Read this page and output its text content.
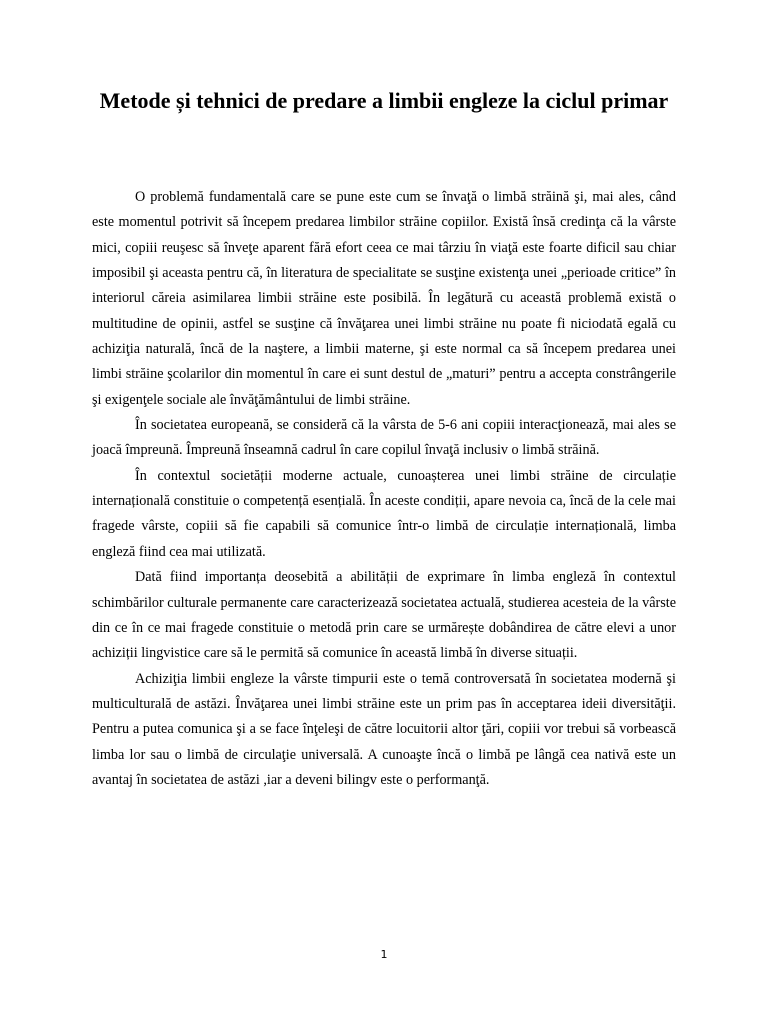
Metode și tehnici de predare a limbii engleze la ciclul primar

O problemă fundamentală care se pune este cum se învaţă o limbă străină şi, mai ales, când este momentul potrivit să începem predarea limbilor străine copiilor. Există însă credinţa că la vârste mici, copiii reuşesc să înveţe aparent fără efort ceea ce mai târziu în viaţă este foarte dificil sau chiar imposibil şi aceasta pentru că, în literatura de specialitate se susţine existenţa unei „perioade critice” în interiorul căreia asimilarea limbii străine este posibilă. În legătură cu această problemă există o multitudine de opinii, astfel se susţine că învăţarea unei limbi străine nu poate fi niciodată egală cu achiziţia naturală, încă de la naştere, a limbii materne, şi este normal ca să începem predarea unei limbi străine şcolarilor din momentul în care ei sunt destul de „maturi” pentru a accepta constrângerile şi exigenţele sociale ale învăţământului de limbi străine.

În societatea europeană, se consideră că la vârsta de 5-6 ani copiii interacţionează, mai ales se joacă împreună. Împreună înseamnă cadrul în care copilul învaţă inclusiv o limbă străină.

În contextul societății moderne actuale, cunoașterea unei limbi străine de circulație internațională constituie o competență esențială. În aceste condiții, apare nevoia ca, încă de la cele mai fragede vârste, copiii să fie capabili să comunice într-o limbă de circulație internațională, limba engleză fiind cea mai utilizată.

Dată fiind importanța deosebită a abilității de exprimare în limba engleză în contextul schimbărilor culturale permanente care caracterizează societatea actuală, studierea acesteia de la vârste din ce în ce mai fragede constituie o metodă prin care se urmărește dobândirea de către elevi a unor achiziții lingvistice care să le permită să comunice în această limbă în diverse situații.

Achiziţia limbii engleze la vârste timpurii este o temă controversată în societatea modernă şi multiculturală de astăzi. Învăţarea unei limbi străine este un prim pas în acceptarea ideii diversităţii. Pentru a putea comunica şi a se face înţeleşi de către locuitorii altor ţări, copiii vor trebui să vorbească limba lor sau o limbă de circulaţie universală. A cunoaşte încă o limbă pe lângă cea nativă este un avantaj în societatea de astăzi ,iar a deveni bilingv este o performanţă.

1
